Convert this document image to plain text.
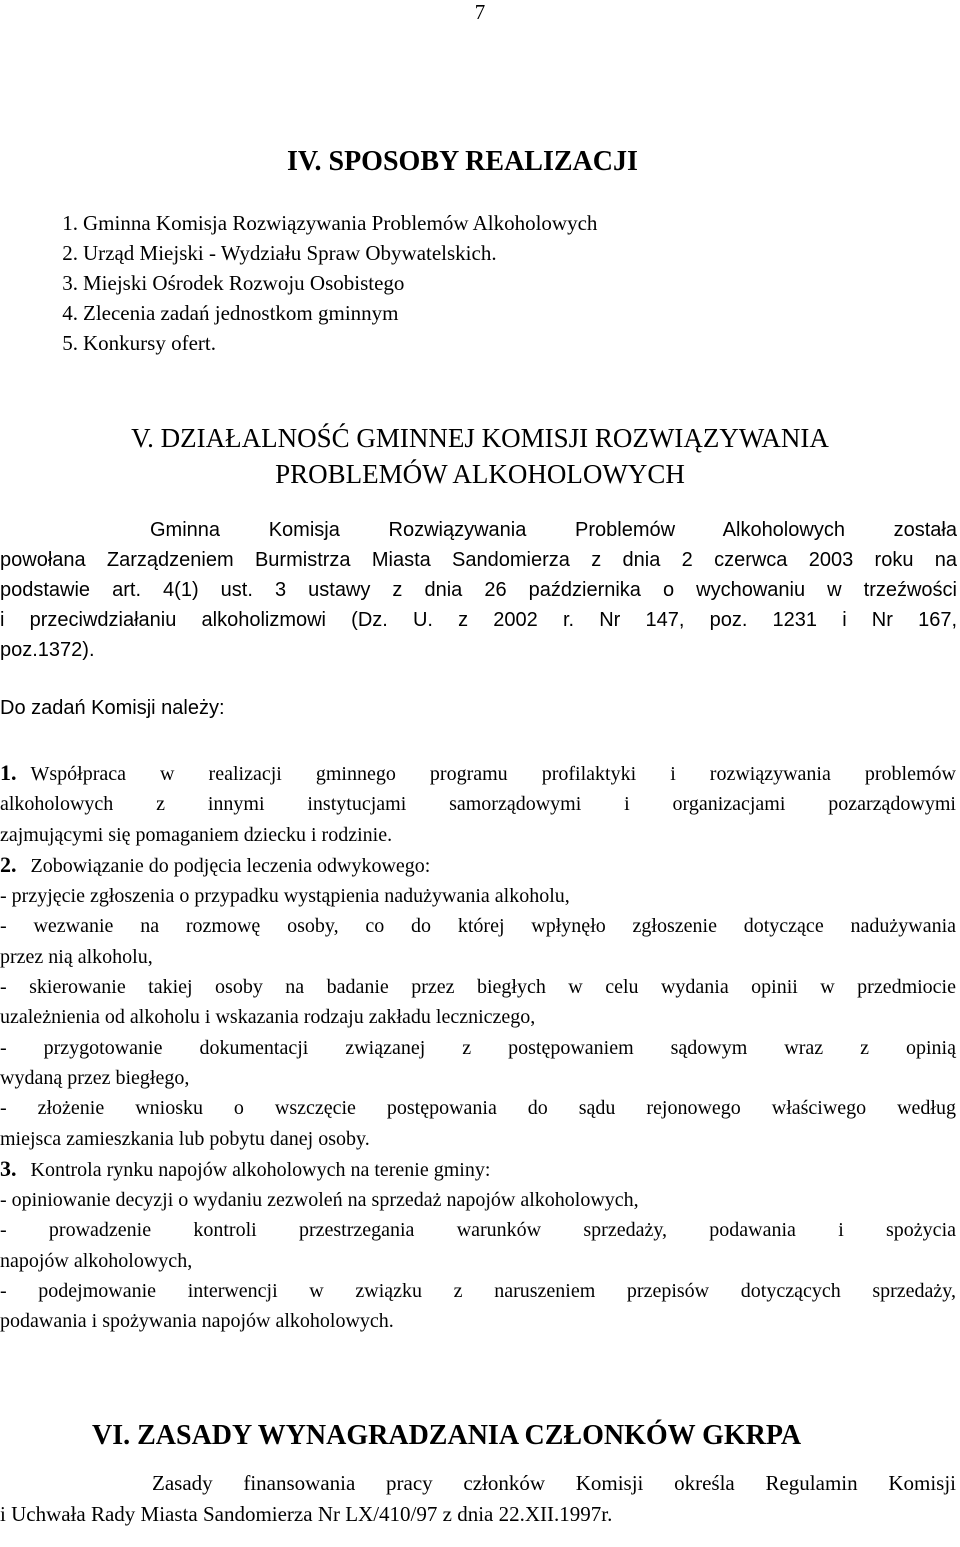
7
IV. SPOSOBY REALIZACJI
1. Gminna Komisja Rozwiązywania Problemów Alkoholowych
2. Urząd Miejski - Wydziału Spraw Obywatelskich.
3. Miejski Ośrodek Rozwoju Osobistego
4. Zlecenia zadań jednostkom gminnym
5. Konkursy ofert.
V. DZIAŁALNOŚĆ GMINNEJ KOMISJI ROZWIĄZYWANIA
PROBLEMÓW ALKOHOLOWYCH

Gminna Komisja Rozwiązywania Problemów Alkoholowych została
powołana Zarządzeniem Burmistrza Miasta Sandomierza z dnia 2 czerwca 2003 roku na
podstawie art. 4(1) ust. 3 ustawy z dnia 26 października o wychowaniu w trzeźwości
i przeciwdziałaniu alkoholizmowi (Dz. U. z 2002 r. Nr 147, poz. 1231 i Nr 167,
poz.1372).

Do zadań Komisji należy:
1. Współpraca w realizacji gminnego programu profilaktyki i rozwiązywania problemów
alkoholowych z innymi instytucjami samorządowymi i organizacjami pozarządowymi
zajmującymi się pomaganiem dziecku i rodzinie.
2. Zobowiązanie do podjęcia leczenia odwykowego:
- przyjęcie zgłoszenia o przypadku wystąpienia nadużywania alkoholu,
- wezwanie na rozmowę osoby, co do której wpłynęło zgłoszenie dotyczące nadużywania
przez nią alkoholu,
- skierowanie takiej osoby na badanie przez biegłych w celu wydania opinii w przedmiocie
uzależnienia od alkoholu i wskazania rodzaju zakładu leczniczego,
- przygotowanie dokumentacji związanej z postępowaniem sądowym wraz z opinią
wydaną przez biegłego,
- złożenie wniosku o wszczęcie postępowania do sądu rejonowego właściwego według
miejsca zamieszkania lub pobytu danej osoby.
3. Kontrola rynku napojów alkoholowych na terenie gminy:
- opiniowanie decyzji o wydaniu zezwoleń na sprzedaż napojów alkoholowych,
- prowadzenie kontroli przestrzegania warunków sprzedaży, podawania i spożycia
napojów alkoholowych,
- podejmowanie interwencji w związku z naruszeniem przepisów dotyczących sprzedaży,
podawania i spożywania napojów alkoholowych.
VI. ZASADY WYNAGRADZANIA CZŁONKÓW GKRPA

Zasady finansowania pracy członków Komisji określa Regulamin Komisji
i Uchwała Rady Miasta Sandomierza Nr LX/410/97 z dnia 22.XII.1997r.
